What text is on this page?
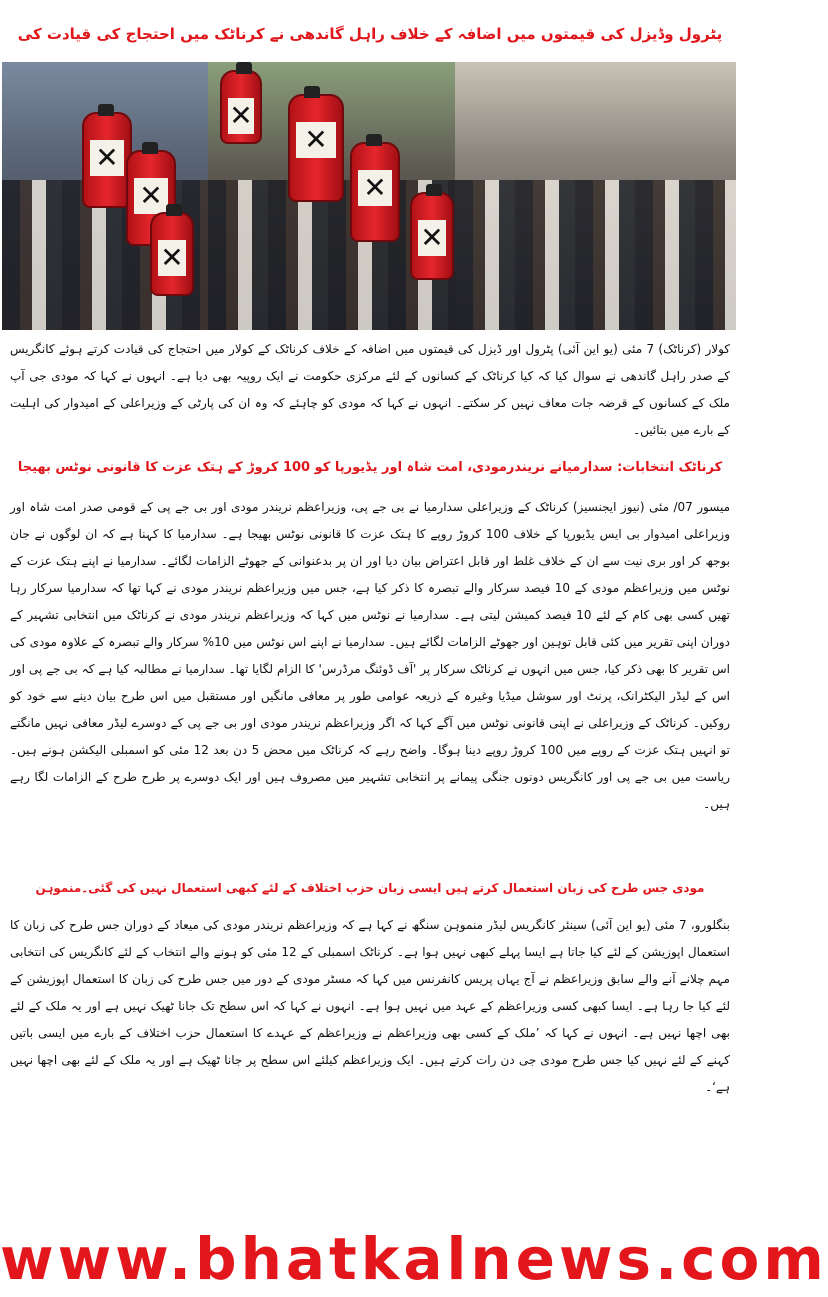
پٹرول وڈیزل کی قیمتوں میں اضافہ کے خلاف راہل گاندھی نے کرناٹک میں احتجاج کی قیادت کی
✕
✕
✕
✕
✕
✕
✕
کولار (کرناٹک) 7 مئی (یو این آئی) پٹرول اور ڈیزل کی قیمتوں میں اضافہ کے خلاف کرناٹک کے کولار میں احتجاج کی قیادت کرتے ہوئے کانگریس کے صدر راہل گاندھی نے سوال کیا کہ کیا کرناٹک کے کسانوں کے لئے مرکزی حکومت نے ایک روپیہ بھی دیا ہے۔ انہوں نے کہا کہ مودی جی آپ ملک کے کسانوں کے قرضہ جات معاف نہیں کر سکتے۔ انہوں نے کہا کہ مودی کو چاہئے کہ وہ ان کی پارٹی کے وزیراعلی کے امیدوار کی اہلیت کے بارے میں بتائیں۔
کرناٹک انتخابات: سدارمیانے نریندرمودی، امت شاہ اور یڈیورپا کو 100 کروڑ کے ہتک عزت کا قانونی نوٹس بھیجا
میسور 07/ مئی (نیوز ایجنسیز) کرناٹک کے وزیراعلی سدارمیا نے بی جے پی، وزیراعظم نریندر مودی اور بی جے پی کے قومی صدر امت شاہ اور وزیراعلی امیدوار بی ایس یڈیورپا کے خلاف 100 کروڑ روپے کا ہتک عزت کا قانونی نوٹس بھیجا ہے۔ سدارمیا کا کہنا ہے کہ ان لوگوں نے جان بوجھ کر اور بری نیت سے ان کے خلاف غلط اور قابل اعتراض بیان دیا اور ان پر بدعنوانی کے جھوٹے الزامات لگائے۔ سدارمیا نے اپنے ہتک عزت کے نوٹس میں وزیراعظم مودی کے 10 فیصد سرکار والے تبصرہ کا ذکر کیا ہے، جس میں وزیراعظم نریندر مودی نے کہا تھا کہ سدارمیا سرکار رہا تھیں کسی بھی کام کے لئے 10 فیصد کمیشن لیتی ہے۔ سدارمیا نے نوٹس میں کہا کہ وزیراعظم نریندر مودی نے کرناٹک میں انتخابی تشہیر کے دوران اپنی تقریر میں کئی قابل توہین اور جھوٹے الزامات لگائے ہیں۔ سدارمیا نے اپنے اس نوٹس میں 10% سرکار والے تبصرہ کے علاوہ مودی کی اس تقریر کا بھی ذکر کیا، جس میں انہوں نے کرناٹک سرکار پر 'آف ڈوئنگ مرڈرس' کا الزام لگایا تھا۔ سدارمیا نے مطالبہ کیا ہے کہ بی جے پی اور اس کے لیڈر الیکٹرانک، پرنٹ اور سوشل میڈیا وغیرہ کے ذریعہ عوامی طور پر معافی مانگیں اور مستقبل میں اس طرح بیان دینے سے خود کو روکیں۔ کرناٹک کے وزیراعلی نے اپنی قانونی نوٹس میں آگے کہا کہ اگر وزیراعظم نریندر مودی اور بی جے پی کے دوسرے لیڈر معافی نہیں مانگتے تو انہیں ہتک عزت کے روپے میں 100 کروڑ روپے دینا ہوگا۔ واضح رہے کہ کرناٹک میں محض 5 دن بعد 12 مئی کو اسمبلی الیکشن ہونے ہیں۔ ریاست میں بی جے پی اور کانگریس دونوں جنگی پیمانے پر انتخابی تشہیر میں مصروف ہیں اور ایک دوسرے پر طرح طرح کے الزامات لگا رہے ہیں۔
مودی جس طرح کی زبان استعمال کرتے ہیں ایسی زبان حزب اختلاف کے لئے کبھی استعمال نہیں کی گئی۔منموہن
بنگلورو، 7 مئی (یو این آئی) سینئر کانگریس لیڈر منموہن سنگھ نے کہا ہے کہ وزیراعظم نریندر مودی کی میعاد کے دوران جس طرح کی زبان کا استعمال اپوزیشن کے لئے کیا جاتا ہے ایسا پہلے کبھی نہیں ہوا ہے۔ کرناٹک اسمبلی کے 12 مئی کو ہونے والے انتخاب کے لئے کانگریس کی انتخابی مہم چلانے آنے والے سابق وزیراعظم نے آج یہاں پریس کانفرنس میں کہا کہ مسٹر مودی کے دور میں جس طرح کی زبان کا استعمال اپوزیشن کے لئے کیا جا رہا ہے۔ ایسا کبھی کسی وزیراعظم کے عہد میں نہیں ہوا ہے۔ انہوں نے کہا کہ اس سطح تک جانا ٹھیک نہیں ہے اور یہ ملک کے لئے بھی اچھا نہیں ہے۔ انہوں نے کہا کہ ’ملک کے کسی بھی وزیراعظم نے وزیراعظم کے عہدے کا استعمال حزب اختلاف کے بارے میں ایسی باتیں کہنے کے لئے نہیں کیا جس طرح مودی جی دن رات کرتے ہیں۔ ایک وزیراعظم کیلئے اس سطح پر جانا ٹھیک ہے اور یہ ملک کے لئے بھی اچھا نہیں ہے‘۔
www.bhatkalnews.com
